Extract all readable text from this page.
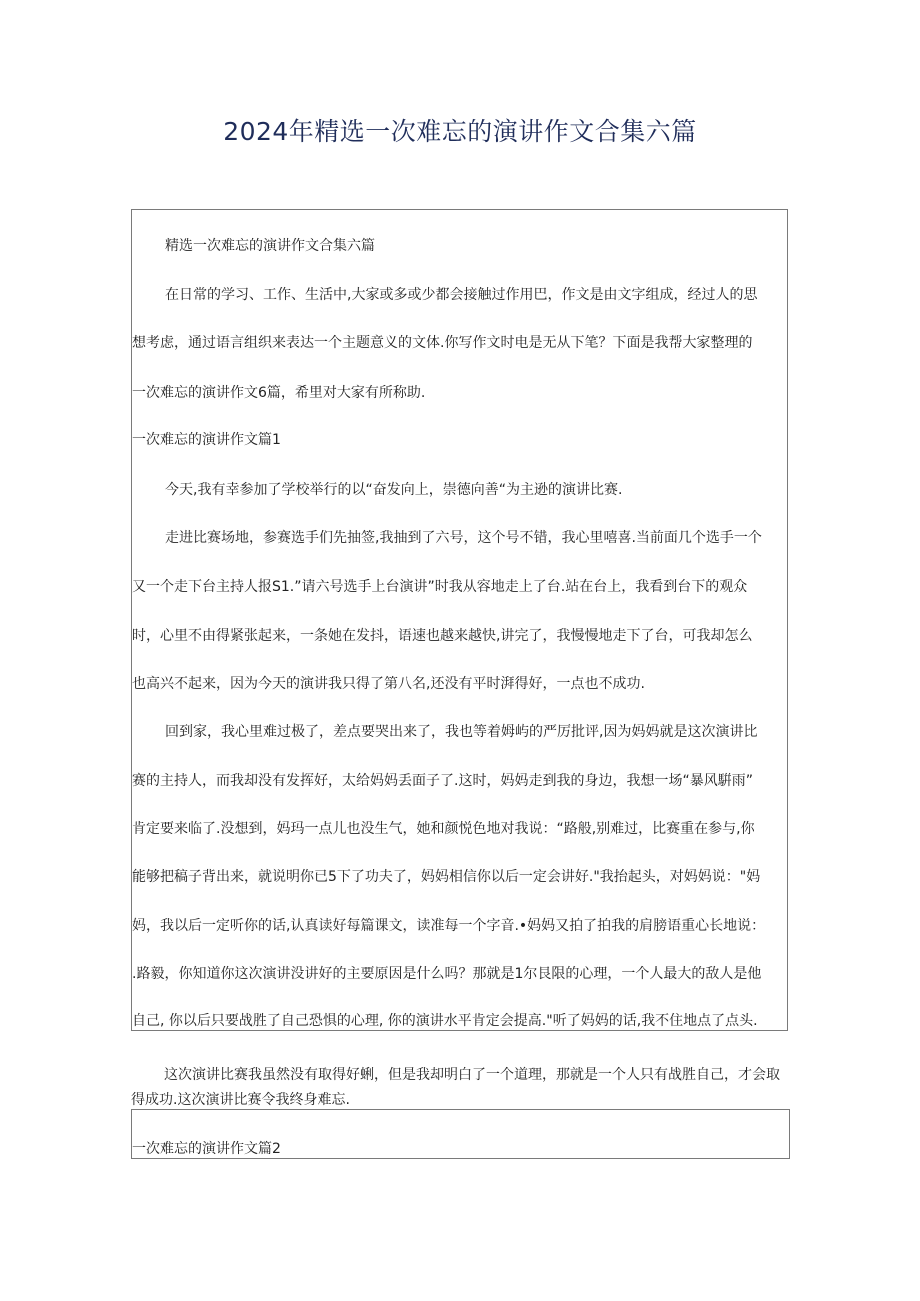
2024年精选一次难忘的演讲作文合集六篇
精选一次难忘的演讲作文合集六篇
在日常的学习、工作、生活中,大家或多或少都会接触过作用巴，作文是由文字组成，经过人的思
想考虑，通过语言组织来表达一个主题意义的文体.你写作文时电是无从下笔？下面是我帮大家整理的
一次难忘的演讲作文6篇，希里对大家有所称助.
一次难忘的演讲作文篇1
今天,我有幸参加了学校举行的以“奋发向上，崇德向善“为主逊的演讲比赛.
走进比赛场地，参赛选手们先抽签,我抽到了六号，这个号不错，我心里嘻喜.当前面几个选手一个
又一个走下台主持人报S1.”请六号选手上台演讲”时我从容地走上了台.站在台上，我看到台下的观众
时，心里不由得紧张起来，一条她在发抖，语速也越来越快,讲完了，我慢慢地走下了台，可我却怎么
也高兴不起来，因为今天的演讲我只得了第八名,还没有平时湃得好，一点也不成功.
回到家，我心里难过极了，差点要哭出来了，我也等着姆屿的严厉批评,因为妈妈就是这次演讲比
赛的主持人，而我却没有发挥好，太给妈妈丢面子了.这时，妈妈走到我的身边，我想一场“暴风騈雨”
肯定要来临了.没想到，妈玛一点儿也没生气，她和颜悦色地对我说：“路般,别难过，比赛重在参与,你
能够把稿子背出来，就说明你已5下了功夫了，妈妈相信你以后一定会讲好."我抬起头，对妈妈说："妈
妈，我以后一定听你的话,认真读好每篇课文，读准每一个字音.•妈妈又拍了拍我的肩膀语重心长地说：
.路毅，你知道你这次演讲没讲好的主要原因是什么吗？那就是1尔艮限的心理，一个人最大的敌人是他
自己, 你以后只要战胜了自己恐惧的心理, 你的演讲水平肯定会提高."听了妈妈的话,我不住地点了点头.

这次演讲比赛我虽然没有取得好蜊，但是我却明白了一个道理，那就是一个人只有战胜自己，才会取得成功.这次演讲比赛令我终身难忘.

一次难忘的演讲作文篇2
